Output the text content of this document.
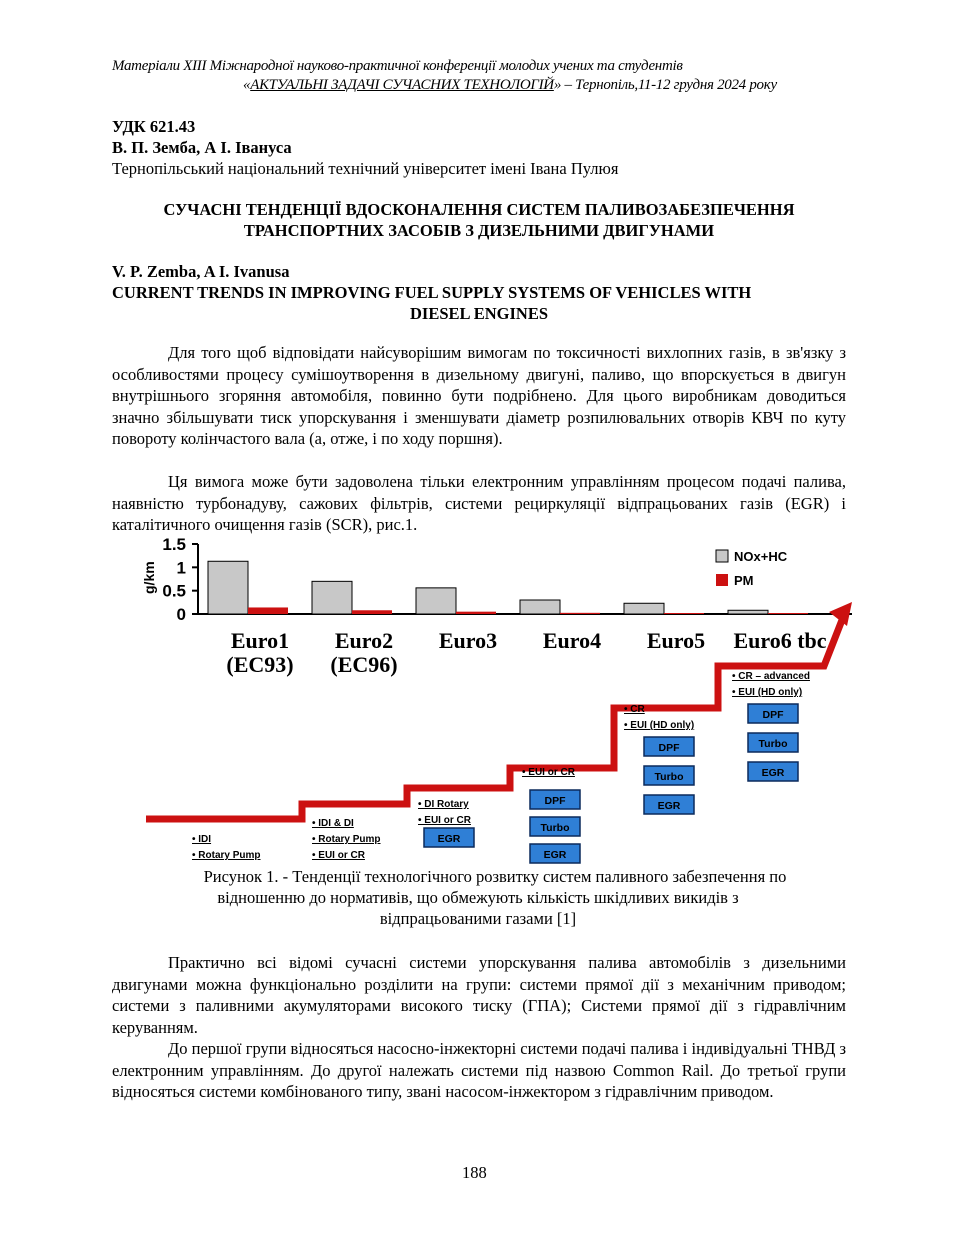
Матеріали XIII Міжнародної науково-практичної конференції молодих учених та студентів
«АКТУАЛЬНІ ЗАДАЧІ СУЧАСНИХ ТЕХНОЛОГІЙ» – Тернопіль,11-12 грудня 2024 року
УДК 621.43
В. П. Земба, А І. Івануса
Тернопільський національний технічний університет імені Івана Пулюя
СУЧАСНІ ТЕНДЕНЦІЇ ВДОСКОНАЛЕННЯ СИСТЕМ ПАЛИВОЗАБЕЗПЕЧЕННЯ
ТРАНСПОРТНИХ ЗАСОБІВ З ДИЗЕЛЬНИМИ ДВИГУНАМИ
V. P. Zemba, A I. Ivanusa
CURRENT TRENDS IN IMPROVING FUEL SUPPLY SYSTEMS OF VEHICLES WITH
DIESEL ENGINES
Для того щоб відповідати найсуворішим вимогам по токсичності вихлопних газів, в зв'язку з особливостями процесу сумішоутворення в дизельному двигуні, паливо, що впорскується в двигун внутрішнього згоряння автомобіля, повинно бути подрібнено. Для цього виробникам доводиться значно збільшувати тиск упорскування і зменшувати діаметр розпилювальних отворів КВЧ по куту повороту колінчастого вала (а, отже, і по ходу поршня).
Ця вимога може бути задоволена тільки електронним управлінням процесом подачі палива, наявністю турбонадуву, сажових фільтрів, системи рециркуляції відпрацьованих газів (EGR) і каталітичного очищення газів (SCR), рис.1.
g/km
0
0.5
1
1.5
Euro1
(EC93)
Euro2
(EC96)
Euro3 Euro4 Euro5 Euro6 tbc
NOx+HC
PM
• IDI
• Rotary Pump
• IDI & DI
• Rotary Pump
• EUI or CR
• DI Rotary
• EUI or CR
EGR
• EUI or CR
DPF
Turbo
EGR
• CR
• EUI (HD only)
DPF
Turbo
EGR
• CR – advanced
• EUI (HD only)
DPF
Turbo
EGR
Рисунок 1. - Тенденції технологічного розвитку систем паливного забезпечення по
відношенню до нормативів, що обмежують кількість шкідливих викидів з
відпрацьованими газами [1]
Практично всі відомі сучасні системи упорскування палива автомобілів з дизельними двигунами можна функціонально розділити на групи: системи прямої дії з механічним приводом; системи з паливними акумуляторами високого тиску (ГПА); Системи прямої дії з гідравлічним керуванням.
До першої групи відносяться насосно-інжекторні системи подачі палива і індивідуальні ТНВД з електронним управлінням. До другої належать системи під назвою Common Rail. До третьої групи відносяться системи комбінованого типу, звані насосом-інжектором з гідравлічним приводом.
188
